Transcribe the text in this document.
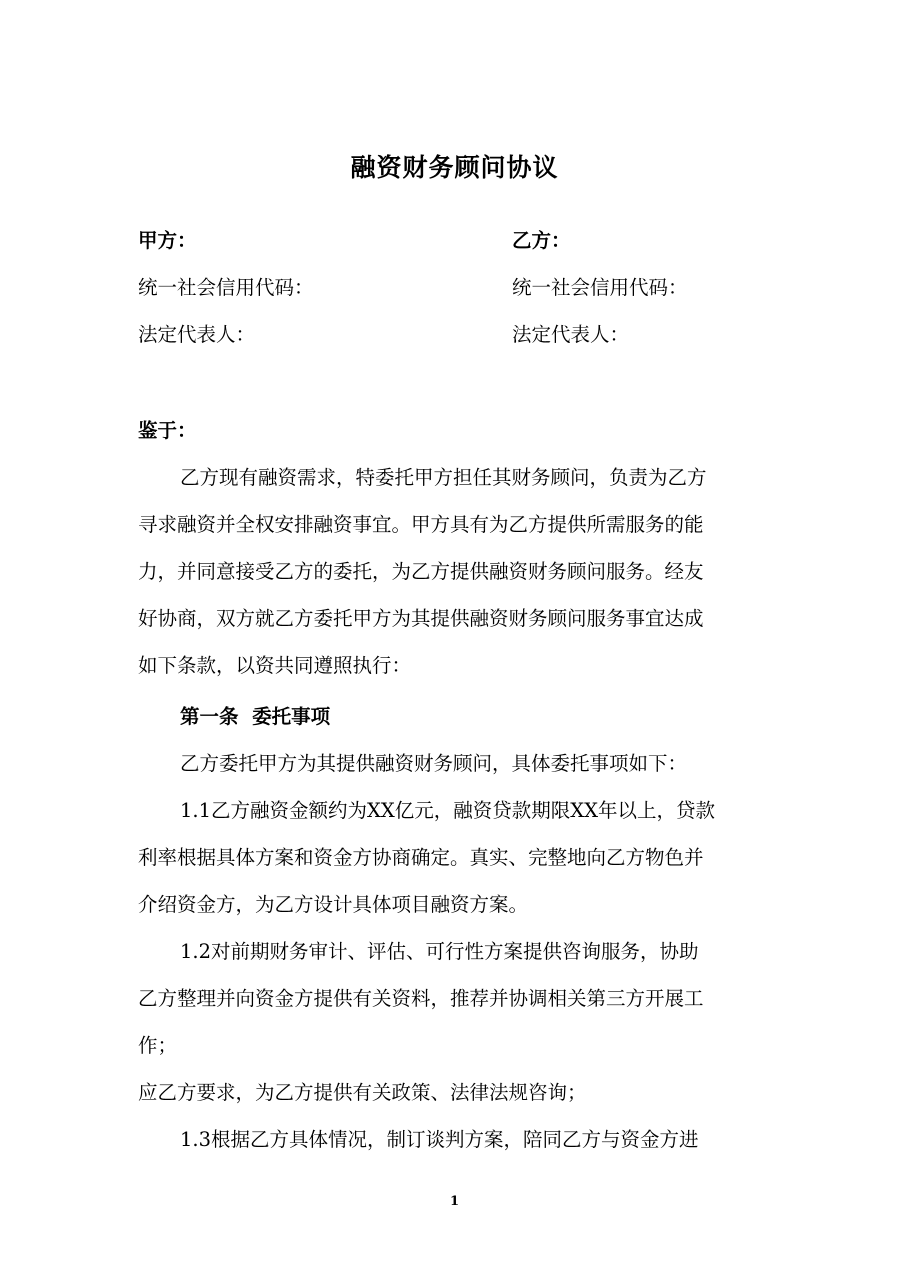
融资财务顾问协议
甲方：	乙方：
统一社会信用代码：	统一社会信用代码：
法定代表人：	法定代表人：
鉴于：
乙方现有融资需求，特委托甲方担任其财务顾问，负责为乙方
寻求融资并全权安排融资事宜。甲方具有为乙方提供所需服务的能
力，并同意接受乙方的委托，为乙方提供融资财务顾问服务。经友
好协商，双方就乙方委托甲方为其提供融资财务顾问服务事宜达成
如下条款，以资共同遵照执行：
第一条  委托事项
乙方委托甲方为其提供融资财务顾问，具体委托事项如下：
1.1乙方融资金额约为XX亿元，融资贷款期限XX年以上，贷款
利率根据具体方案和资金方协商确定。真实、完整地向乙方物色并
介绍资金方，为乙方设计具体项目融资方案。
1.2对前期财务审计、评估、可行性方案提供咨询服务，协助
乙方整理并向资金方提供有关资料，推荐并协调相关第三方开展工
作；
应乙方要求，为乙方提供有关政策、法律法规咨询；
1.3根据乙方具体情况，制订谈判方案，陪同乙方与资金方进
1
